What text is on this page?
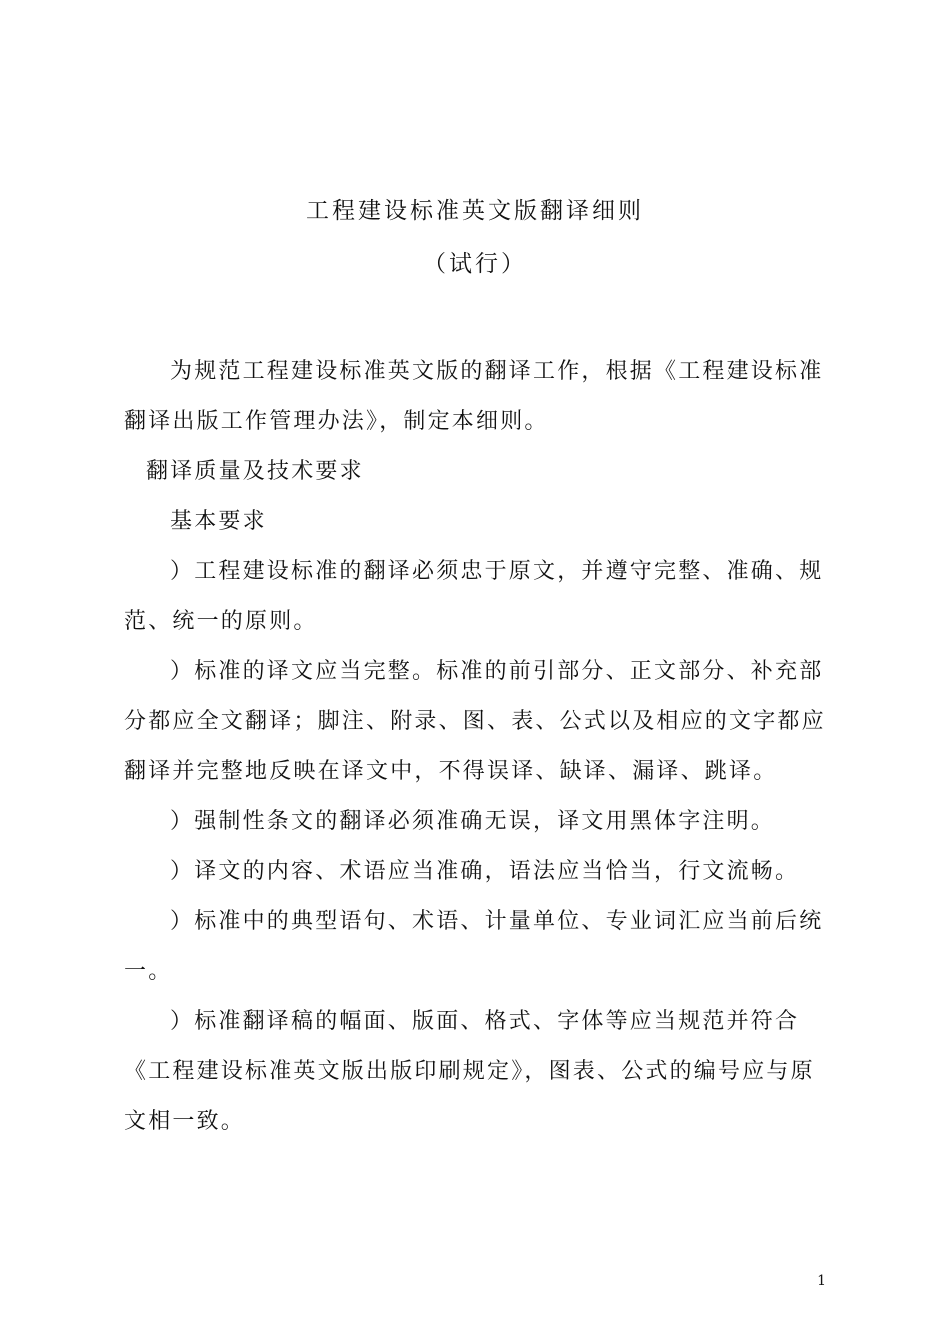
工程建设标准英文版翻译细则
（试行）

为规范工程建设标准英文版的翻译工作，根据《工程建设标准翻译出版工作管理办法》，制定本细则。

翻译质量及技术要求

基本要求

）工程建设标准的翻译必须忠于原文，并遵守完整、准确、规范、统一的原则。

）标准的译文应当完整。标准的前引部分、正文部分、补充部分都应全文翻译；脚注、附录、图、表、公式以及相应的文字都应翻译并完整地反映在译文中，不得误译、缺译、漏译、跳译。

）强制性条文的翻译必须准确无误，译文用黑体字注明。

）译文的内容、术语应当准确，语法应当恰当，行文流畅。

）标准中的典型语句、术语、计量单位、专业词汇应当前后统一。

）标准翻译稿的幅面、版面、格式、字体等应当规范并符合《工程建设标准英文版出版印刷规定》，图表、公式的编号应与原文相一致。

1
